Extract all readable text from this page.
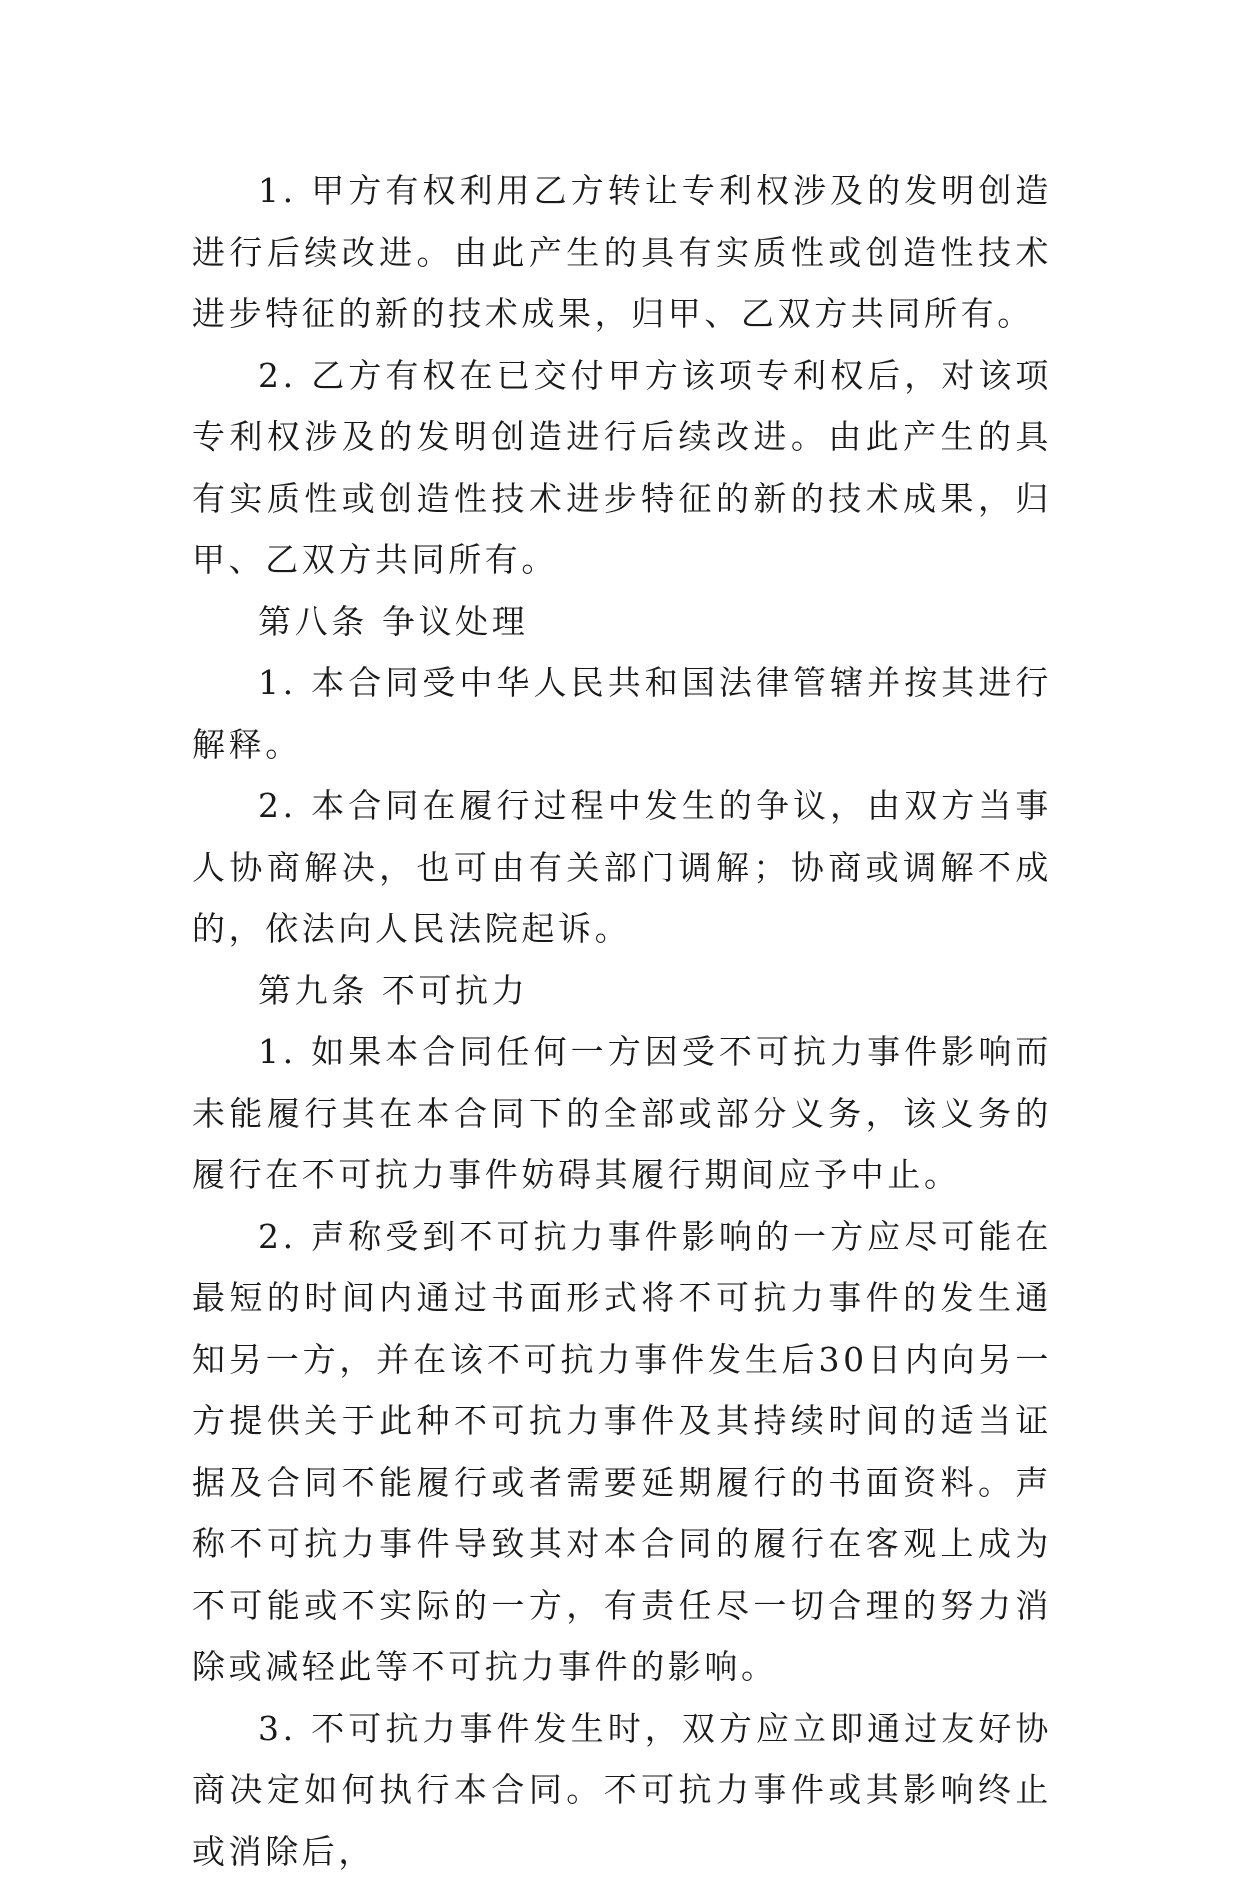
1. 甲方有权利用乙方转让专利权涉及的发明创造进行后续改进。由此产生的具有实质性或创造性技术进步特征的新的技术成果，归甲、乙双方共同所有。

2. 乙方有权在已交付甲方该项专利权后，对该项专利权涉及的发明创造进行后续改进。由此产生的具有实质性或创造性技术进步特征的新的技术成果，归甲、乙双方共同所有。

第八条 争议处理

1. 本合同受中华人民共和国法律管辖并按其进行解释。

2. 本合同在履行过程中发生的争议，由双方当事人协商解决，也可由有关部门调解；协商或调解不成的，依法向人民法院起诉。

第九条 不可抗力

1. 如果本合同任何一方因受不可抗力事件影响而未能履行其在本合同下的全部或部分义务，该义务的履行在不可抗力事件妨碍其履行期间应予中止。

2. 声称受到不可抗力事件影响的一方应尽可能在最短的时间内通过书面形式将不可抗力事件的发生通知另一方，并在该不可抗力事件发生后30日内向另一方提供关于此种不可抗力事件及其持续时间的适当证据及合同不能履行或者需要延期履行的书面资料。声称不可抗力事件导致其对本合同的履行在客观上成为不可能或不实际的一方，有责任尽一切合理的努力消除或减轻此等不可抗力事件的影响。

3. 不可抗力事件发生时，双方应立即通过友好协商决定如何执行本合同。不可抗力事件或其影响终止或消除后，
